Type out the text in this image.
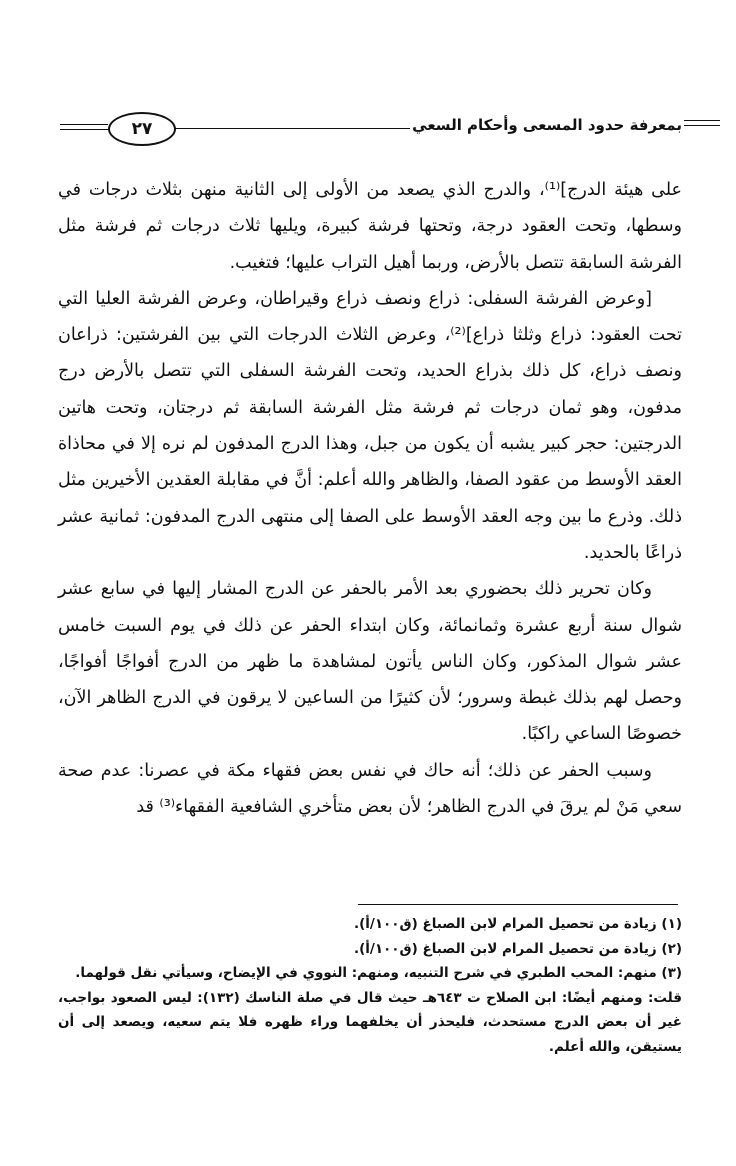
بمعرفة حدود المسعى وأحكام السعي
٢٧

على هيئة الدرج]⁽¹⁾، والدرج الذي يصعد من الأولى إلى الثانية منهن بثلاث درجات في وسطها، وتحت العقود درجة، وتحتها فرشة كبيرة، ويليها ثلاث درجات ثم فرشة مثل الفرشة السابقة تتصل بالأرض، وربما أهيل التراب عليها؛ فتغيب.

[وعرض الفرشة السفلى: ذراع ونصف ذراع وقيراطان، وعرض الفرشة العليا التي تحت العقود: ذراع وثلثا ذراع]⁽²⁾، وعرض الثلاث الدرجات التي بين الفرشتين: ذراعان ونصف ذراع، كل ذلك بذراع الحديد، وتحت الفرشة السفلى التي تتصل بالأرض درج مدفون، وهو ثمان درجات ثم فرشة مثل الفرشة السابقة ثم درجتان، وتحت هاتين الدرجتين: حجر كبير يشبه أن يكون من جبل، وهذا الدرج المدفون لم نره إلا في محاذاة العقد الأوسط من عقود الصفا، والظاهر والله أعلم: أنَّ في مقابلة العقدين الأخيرين مثل ذلك. وذرع ما بين وجه العقد الأوسط على الصفا إلى منتهى الدرج المدفون: ثمانية عشر ذراعًا بالحديد.

وكان تحرير ذلك بحضوري بعد الأمر بالحفر عن الدرج المشار إليها في سابع عشر شوال سنة أربع عشرة وثمانمائة، وكان ابتداء الحفر عن ذلك في يوم السبت خامس عشر شوال المذكور، وكان الناس يأتون لمشاهدة ما ظهر من الدرج أفواجًا أفواجًا، وحصل لهم بذلك غبطة وسرور؛ لأن كثيرًا من الساعين لا يرقون في الدرج الظاهر الآن، خصوصًا الساعي راكبًا.

وسبب الحفر عن ذلك؛ أنه حاك في نفس بعض فقهاء مكة في عصرنا: عدم صحة سعي مَنْ لم يرقَ في الدرج الظاهر؛ لأن بعض متأخري الشافعية الفقهاء⁽³⁾ قد

(١) زيادة من تحصيل المرام لابن الصباغ (ق١٠٠/أ).

(٢) زيادة من تحصيل المرام لابن الصباغ (ق١٠٠/أ).

(٣) منهم: المحب الطبري في شرح التنبيه، ومنهم: النووي في الإيضاح، وسيأتي نقل قولهما.

قلت: ومنهم أيضًا: ابن الصلاح ت ٦٤٣هـ حيث قال في صلة الناسك (١٣٢): ليس الصعود بواجب، غير أن بعض الدرج مستحدث، فليحذر أن يخلفهما وراء ظهره فلا يتم سعيه، ويصعد إلى أن يستيقن، والله أعلم.
